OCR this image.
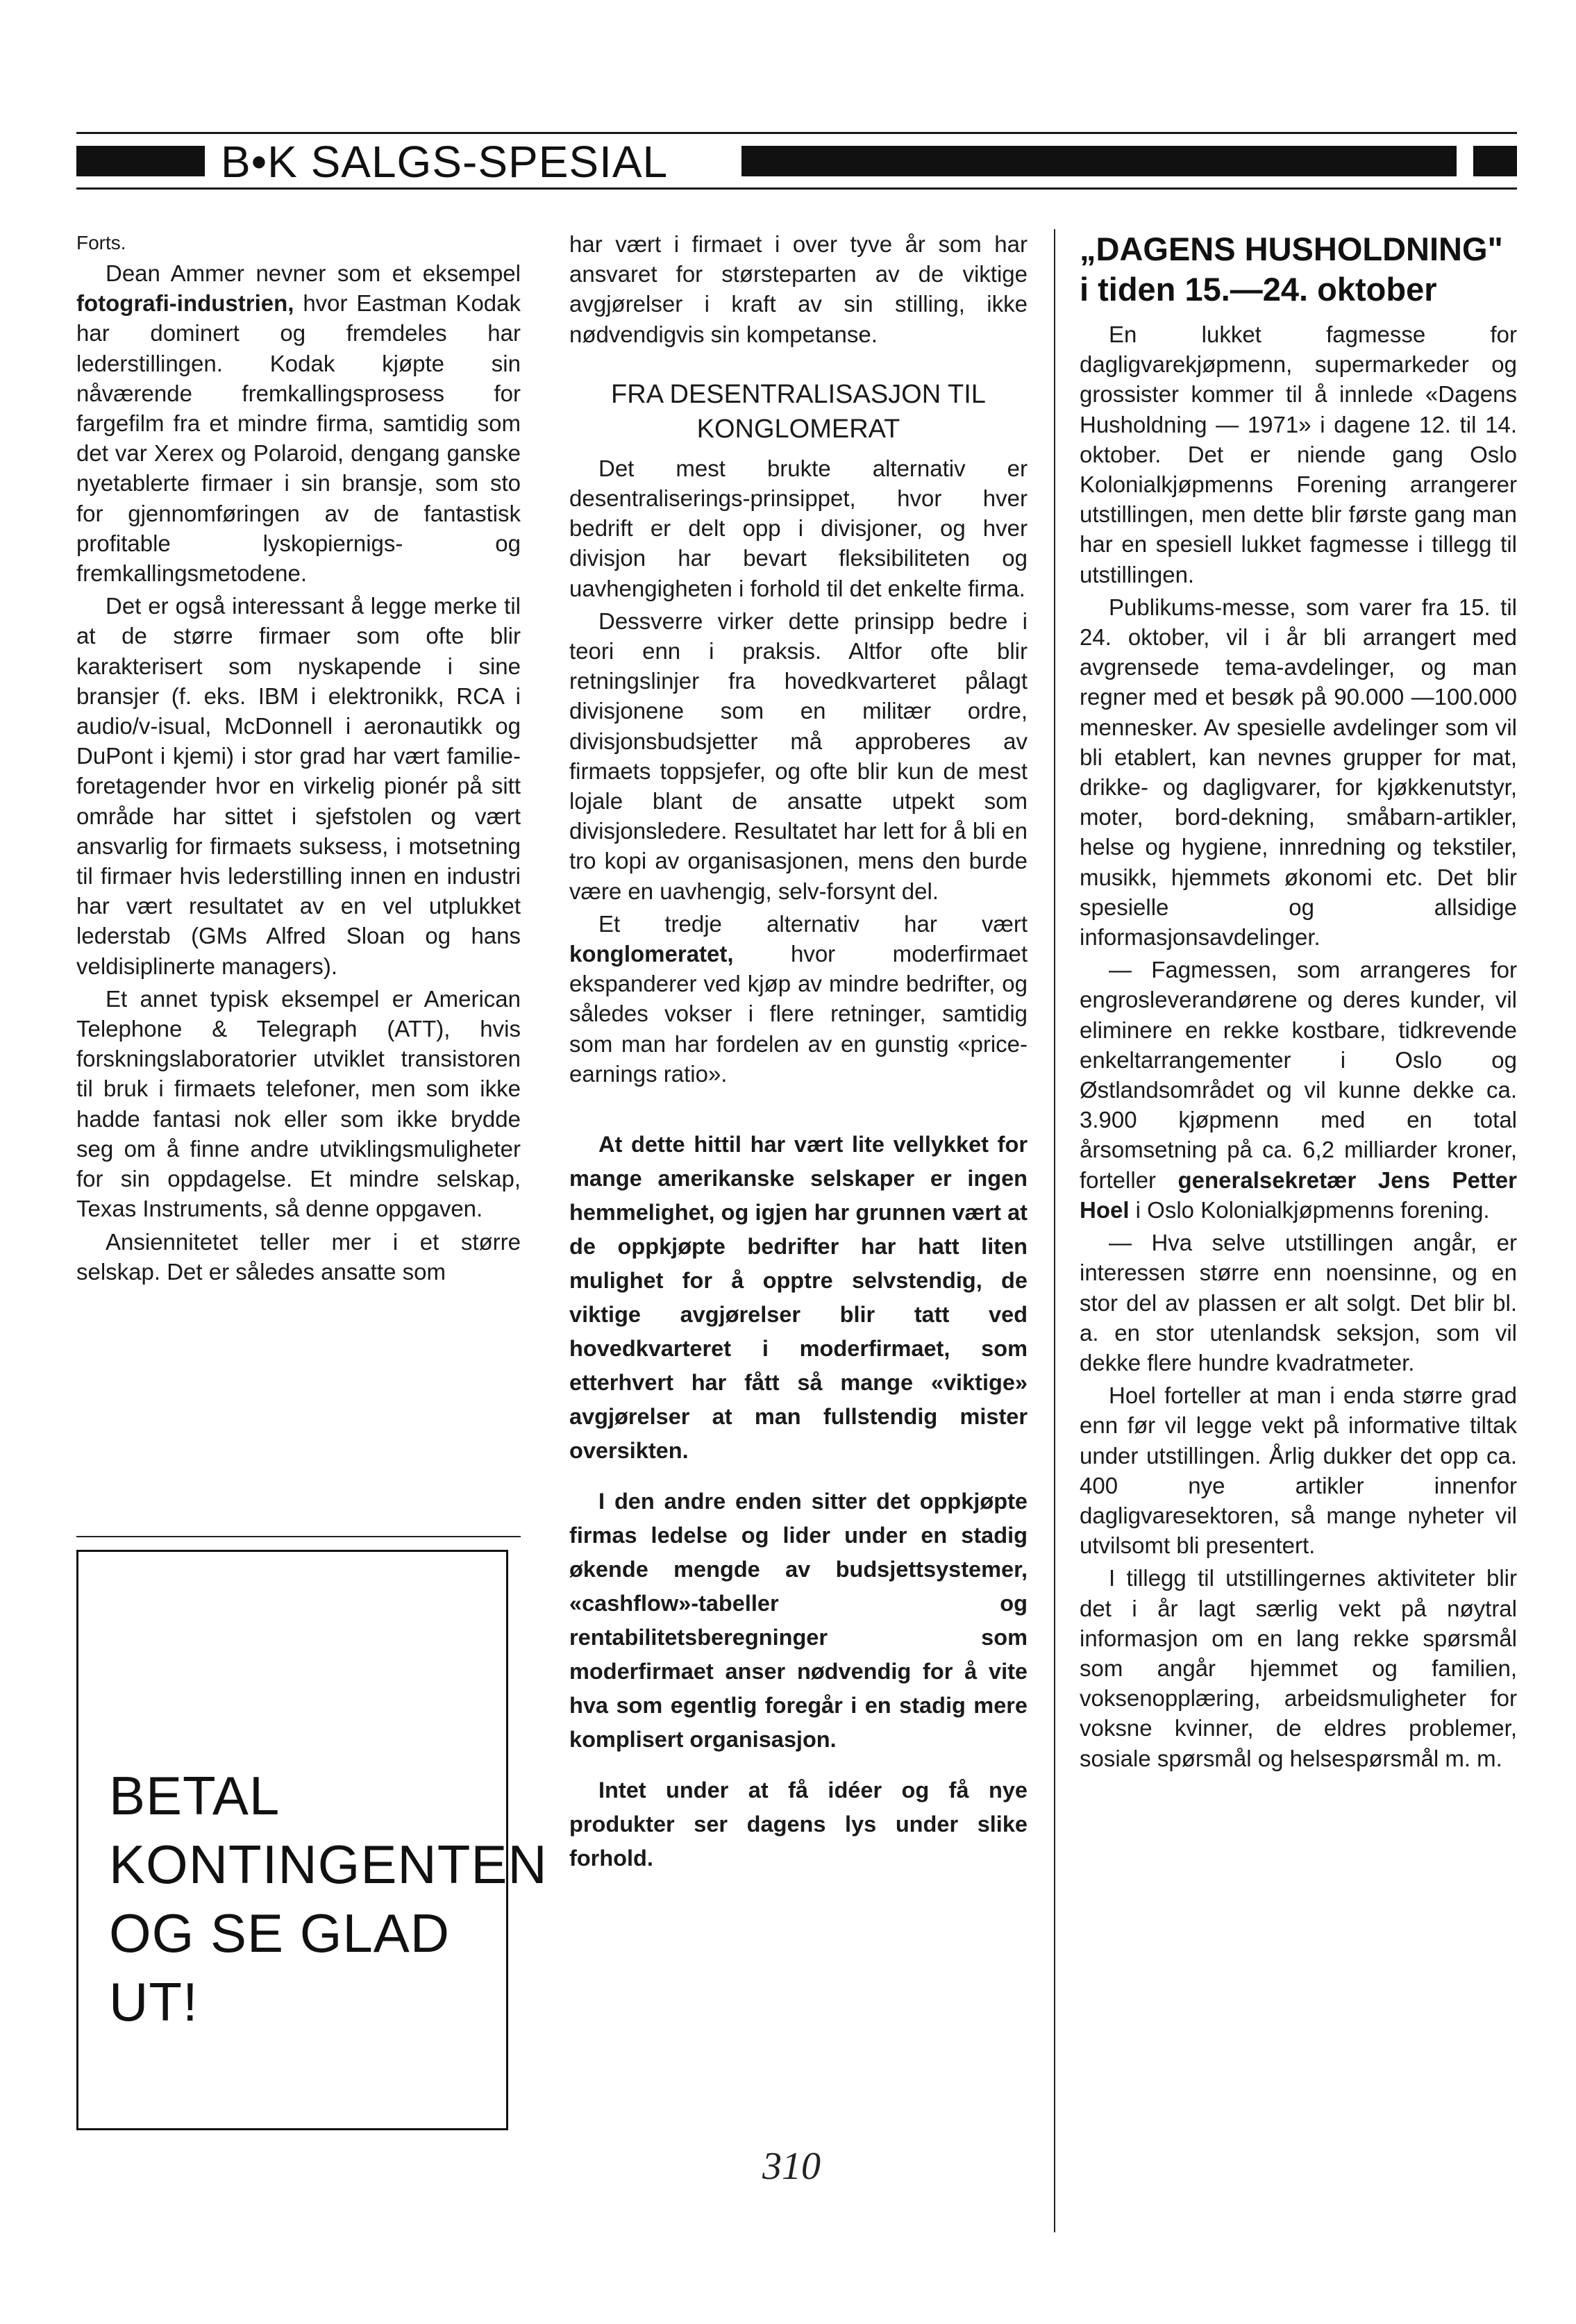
B•K SALGS-SPESIAL

Forts.

Dean Ammer nevner som et eksempel fotografi-industrien, hvor Eastman Kodak har dominert og fremdeles har lederstillingen. Kodak kjøpte sin nåværende fremkallingsprosess for fargefilm fra et mindre firma, samtidig som det var Xerex og Polaroid, dengang ganske nyetablerte firmaer i sin bransje, som sto for gjennomføringen av de fantastisk profitable lyskopiernigs- og fremkallingsmetodene.

Det er også interessant å legge merke til at de større firmaer som ofte blir karakterisert som nyskapende i sine bransjer (f. eks. IBM i elektronikk, RCA i audio/v-isual, McDonnell i aeronautikk og DuPont i kjemi) i stor grad har vært familie-foretagender hvor en virkelig pionér på sitt område har sittet i sjefstolen og vært ansvarlig for firmaets suksess, i motsetning til firmaer hvis lederstilling innen en industri har vært resultatet av en vel utplukket lederstab (GMs Alfred Sloan og hans veldisiplinerte managers).

Et annet typisk eksempel er American Telephone & Telegraph (ATT), hvis forskningslaboratorier utviklet transistoren til bruk i firmaets telefoner, men som ikke hadde fantasi nok eller som ikke brydde seg om å finne andre utviklingsmuligheter for sin oppdagelse. Et mindre selskap, Texas Instruments, så denne oppgaven.

Ansiennitetet teller mer i et større selskap. Det er således ansatte som

BETAL KONTINGENTEN OG SE GLAD UT!

har vært i firmaet i over tyve år som har ansvaret for størsteparten av de viktige avgjørelser i kraft av sin stilling, ikke nødvendigvis sin kompetanse.

FRA DESENTRALISASJON TIL KONGLOMERAT

Det mest brukte alternativ er desentraliserings-prinsippet, hvor hver bedrift er delt opp i divisjoner, og hver divisjon har bevart fleksibiliteten og uavhengigheten i forhold til det enkelte firma.

Dessverre virker dette prinsipp bedre i teori enn i praksis. Altfor ofte blir retningslinjer fra hovedkvarteret pålagt divisjonene som en militær ordre, divisjonsbudsjetter må approberes av firmaets toppsjefer, og ofte blir kun de mest lojale blant de ansatte utpekt som divisjonsledere. Resultatet har lett for å bli en tro kopi av organisasjonen, mens den burde være en uavhengig, selv-forsynt del.

Et tredje alternativ har vært konglomeratet, hvor moderfirmaet ekspanderer ved kjøp av mindre bedrifter, og således vokser i flere retninger, samtidig som man har fordelen av en gunstig «price-earnings ratio».

At dette hittil har vært lite vellykket for mange amerikanske selskaper er ingen hemmelighet, og igjen har grunnen vært at de oppkjøpte bedrifter har hatt liten mulighet for å opptre selvstendig, de viktige avgjørelser blir tatt ved hovedkvarteret i moderfirmaet, som etterhvert har fått så mange «viktige» avgjørelser at man fullstendig mister oversikten.

I den andre enden sitter det oppkjøpte firmas ledelse og lider under en stadig økende mengde av budsjettsystemer, «cashflow»-tabeller og rentabilitetsberegninger som moderfirmaet anser nødvendig for å vite hva som egentlig foregår i en stadig mere komplisert organisasjon.

Intet under at få idéer og få nye produkter ser dagens lys under slike forhold.

„DAGENS HUSHOLDNING"
i tiden 15.—24. oktober

En lukket fagmesse for dagligvarekjøpmenn, supermarkeder og grossister kommer til å innlede «Dagens Husholdning — 1971» i dagene 12. til 14. oktober. Det er niende gang Oslo Kolonialkjøpmenns Forening arrangerer utstillingen, men dette blir første gang man har en spesiell lukket fagmesse i tillegg til utstillingen.

Publikums-messe, som varer fra 15. til 24. oktober, vil i år bli arrangert med avgrensede tema-avdelinger, og man regner med et besøk på 90.000 —100.000 mennesker. Av spesielle avdelinger som vil bli etablert, kan nevnes grupper for mat, drikke- og dagligvarer, for kjøkkenutstyr, moter, bord-dekning, småbarn-artikler, helse og hygiene, innredning og tekstiler, musikk, hjemmets økonomi etc. Det blir spesielle og allsidige informasjonsavdelinger.

— Fagmessen, som arrangeres for engrosleverandørene og deres kunder, vil eliminere en rekke kostbare, tidkrevende enkeltarrangementer i Oslo og Østlandsområdet og vil kunne dekke ca. 3.900 kjøpmenn med en total årsomsetning på ca. 6,2 milliarder kroner, forteller generalsekretær Jens Petter Hoel i Oslo Kolonialkjøpmenns forening.

— Hva selve utstillingen angår, er interessen større enn noensinne, og en stor del av plassen er alt solgt. Det blir bl. a. en stor utenlandsk seksjon, som vil dekke flere hundre kvadratmeter.

Hoel forteller at man i enda større grad enn før vil legge vekt på informative tiltak under utstillingen. Årlig dukker det opp ca. 400 nye artikler innenfor dagligvaresektoren, så mange nyheter vil utvilsomt bli presentert.

I tillegg til utstillingernes aktiviteter blir det i år lagt særlig vekt på nøytral informasjon om en lang rekke spørsmål som angår hjemmet og familien, voksenopplæring, arbeidsmuligheter for voksne kvinner, de eldres problemer, sosiale spørsmål og helsespørsmål m. m.

310
